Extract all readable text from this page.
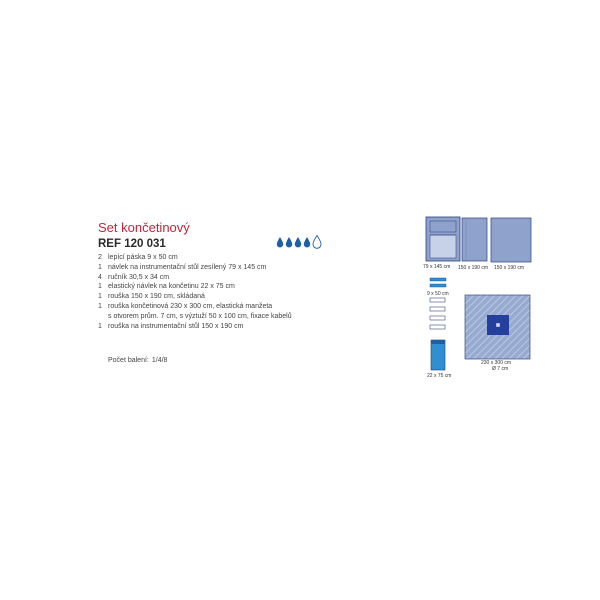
Set končetinový
REF 120 031
2 lepící páska 9 x 50 cm
1 návlek na instrumentační stůl zesílený 79 x 145 cm
4 ručník 30,5 x 34 cm
1 elastický návlek na končetinu 22 x 75 cm
1 rouška 150 x 190 cm, skládaná
1 rouška končetinová 230 x 300 cm, elastická manžeta
s otvorem prům. 7 cm, s výztuží 50 x 100 cm, fixace kabelů
1 rouška na instrumentační stůl 150 x 190 cm
Počet balení: 1/4/8
79 x 145 cm 150 x 190 cm 150 x 190 cm
9 x 50 cm
22 x 75 cm
230 x 300 cm
Ø 7 cm
